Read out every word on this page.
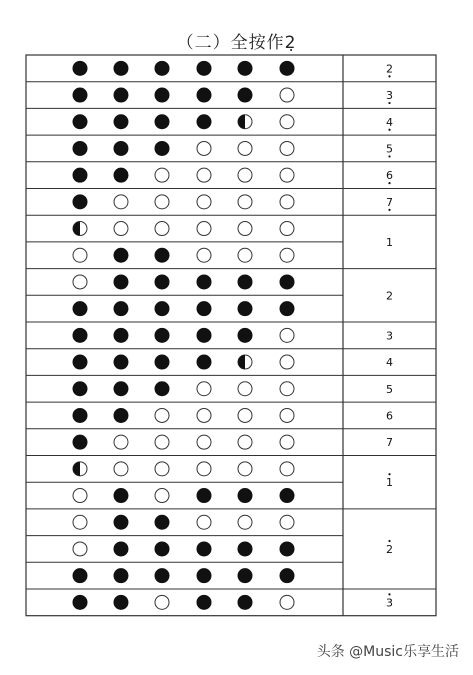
（二）全按作2̣
2
3
4
5
6
7
1
2
3
4
5
6
7
1
2
3
头条 @Music乐享生活
